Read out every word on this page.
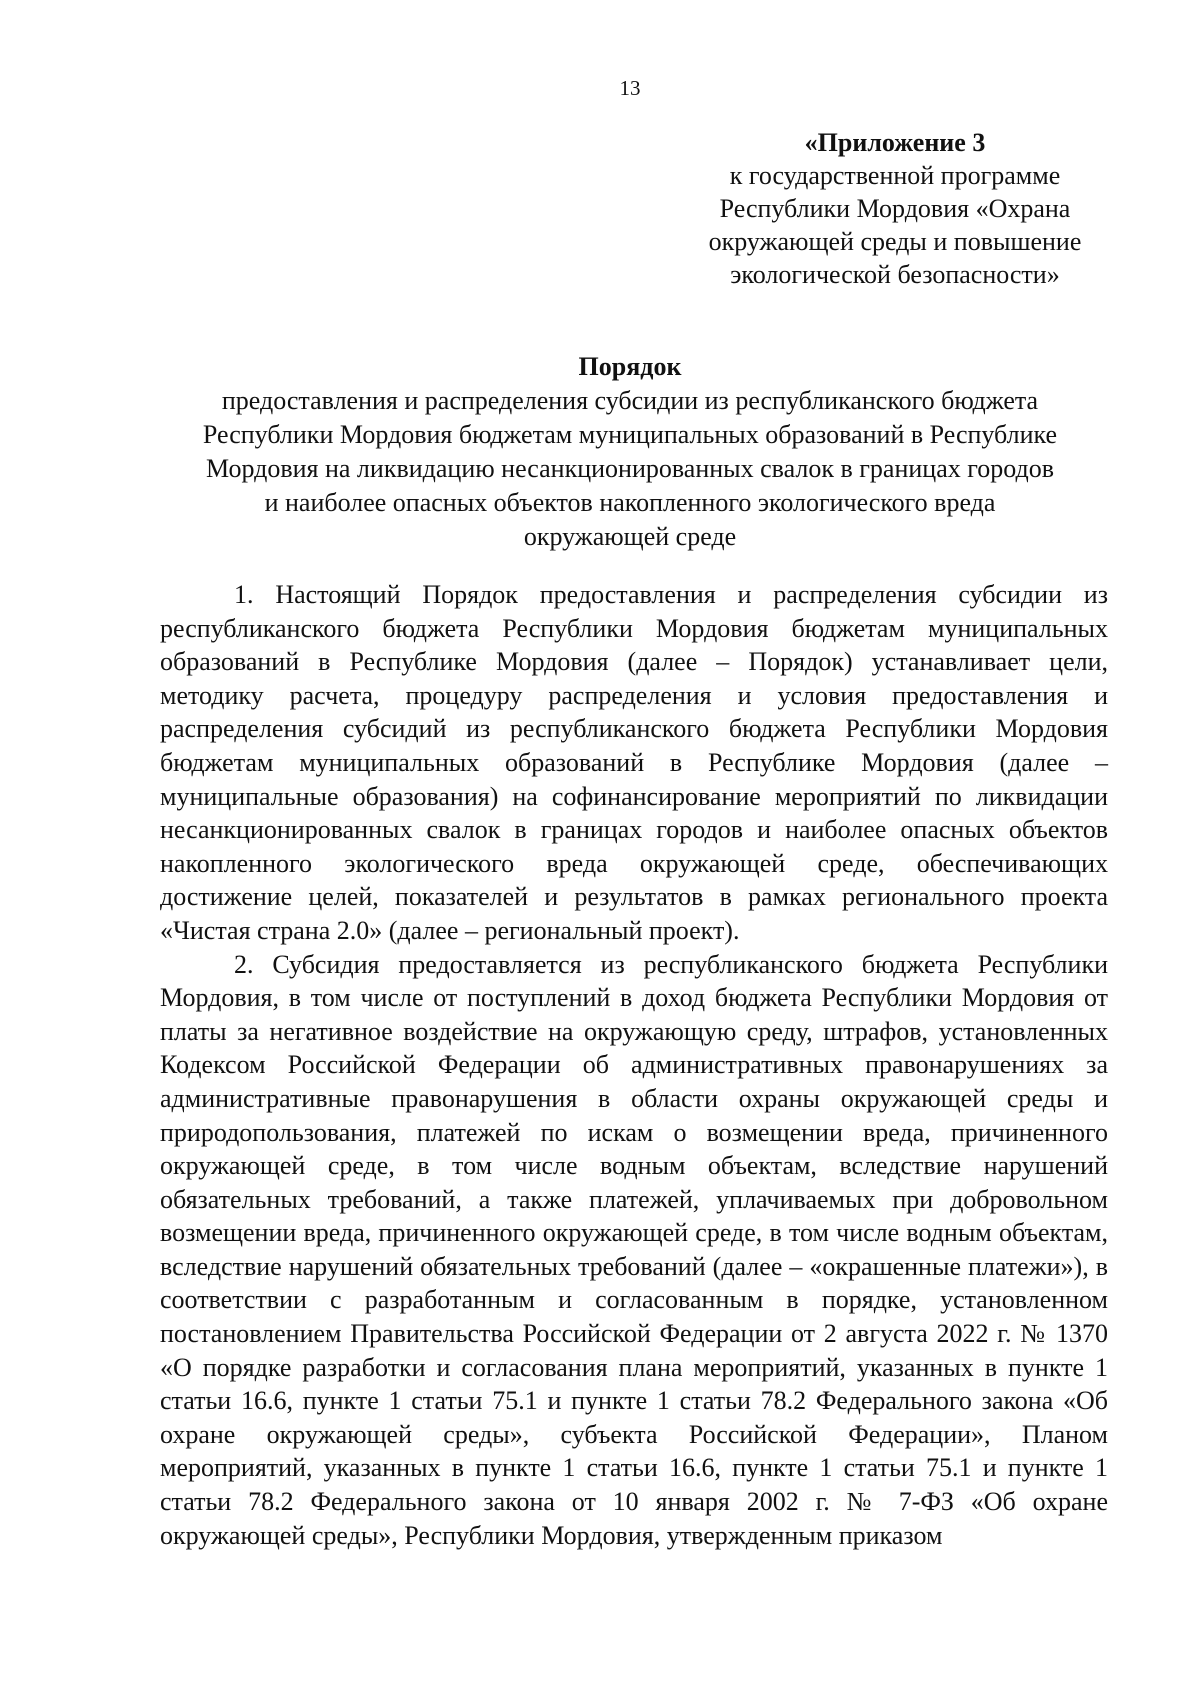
13
«Приложение 3
к государственной программе
Республики Мордовия «Охрана
окружающей среды и повышение
экологической безопасности»
Порядок
предоставления и распределения субсидии из республиканского бюджета
Республики Мордовия бюджетам муниципальных образований в Республике
Мордовия на ликвидацию несанкционированных свалок в границах городов
и наиболее опасных объектов накопленного экологического вреда
окружающей среде

1. Настоящий Порядок предоставления и распределения субсидии из республиканского бюджета Республики Мордовия бюджетам муниципальных образований в Республике Мордовия (далее – Порядок) устанавливает цели, методику расчета, процедуру распределения и условия предоставления и распределения субсидий из республиканского бюджета Республики Мордовия бюджетам муниципальных образований в Республике Мордовия (далее – муниципальные образования) на софинансирование мероприятий по ликвидации несанкционированных свалок в границах городов и наиболее опасных объектов накопленного экологического вреда окружающей среде, обеспечивающих достижение целей, показателей и результатов в рамках регионального проекта «Чистая страна 2.0» (далее – региональный проект).

2. Субсидия предоставляется из республиканского бюджета Республики Мордовия, в том числе от поступлений в доход бюджета Республики Мордовия от платы за негативное воздействие на окружающую среду, штрафов, установленных Кодексом Российской Федерации об административных правонарушениях за административные правонарушения в области охраны окружающей среды и природопользования, платежей по искам о возмещении вреда, причиненного окружающей среде, в том числе водным объектам, вследствие нарушений обязательных требований, а также платежей, уплачиваемых при добровольном возмещении вреда, причиненного окружающей среде, в том числе водным объектам, вследствие нарушений обязательных требований (далее – «окрашенные платежи»), в соответствии с разработанным и согласованным в порядке, установленном постановлением Правительства Российской Федерации от 2 августа 2022 г. № 1370 «О порядке разработки и согласования плана мероприятий, указанных в пункте 1 статьи 16.6, пункте 1 статьи 75.1 и пункте 1 статьи 78.2 Федерального закона «Об охране окружающей среды», субъекта Российской Федерации», Планом мероприятий, указанных в пункте 1 статьи 16.6, пункте 1 статьи 75.1 и пункте 1 статьи 78.2 Федерального закона от 10 января 2002 г. № 7-ФЗ «Об охране окружающей среды», Республики Мордовия, утвержденным приказом
